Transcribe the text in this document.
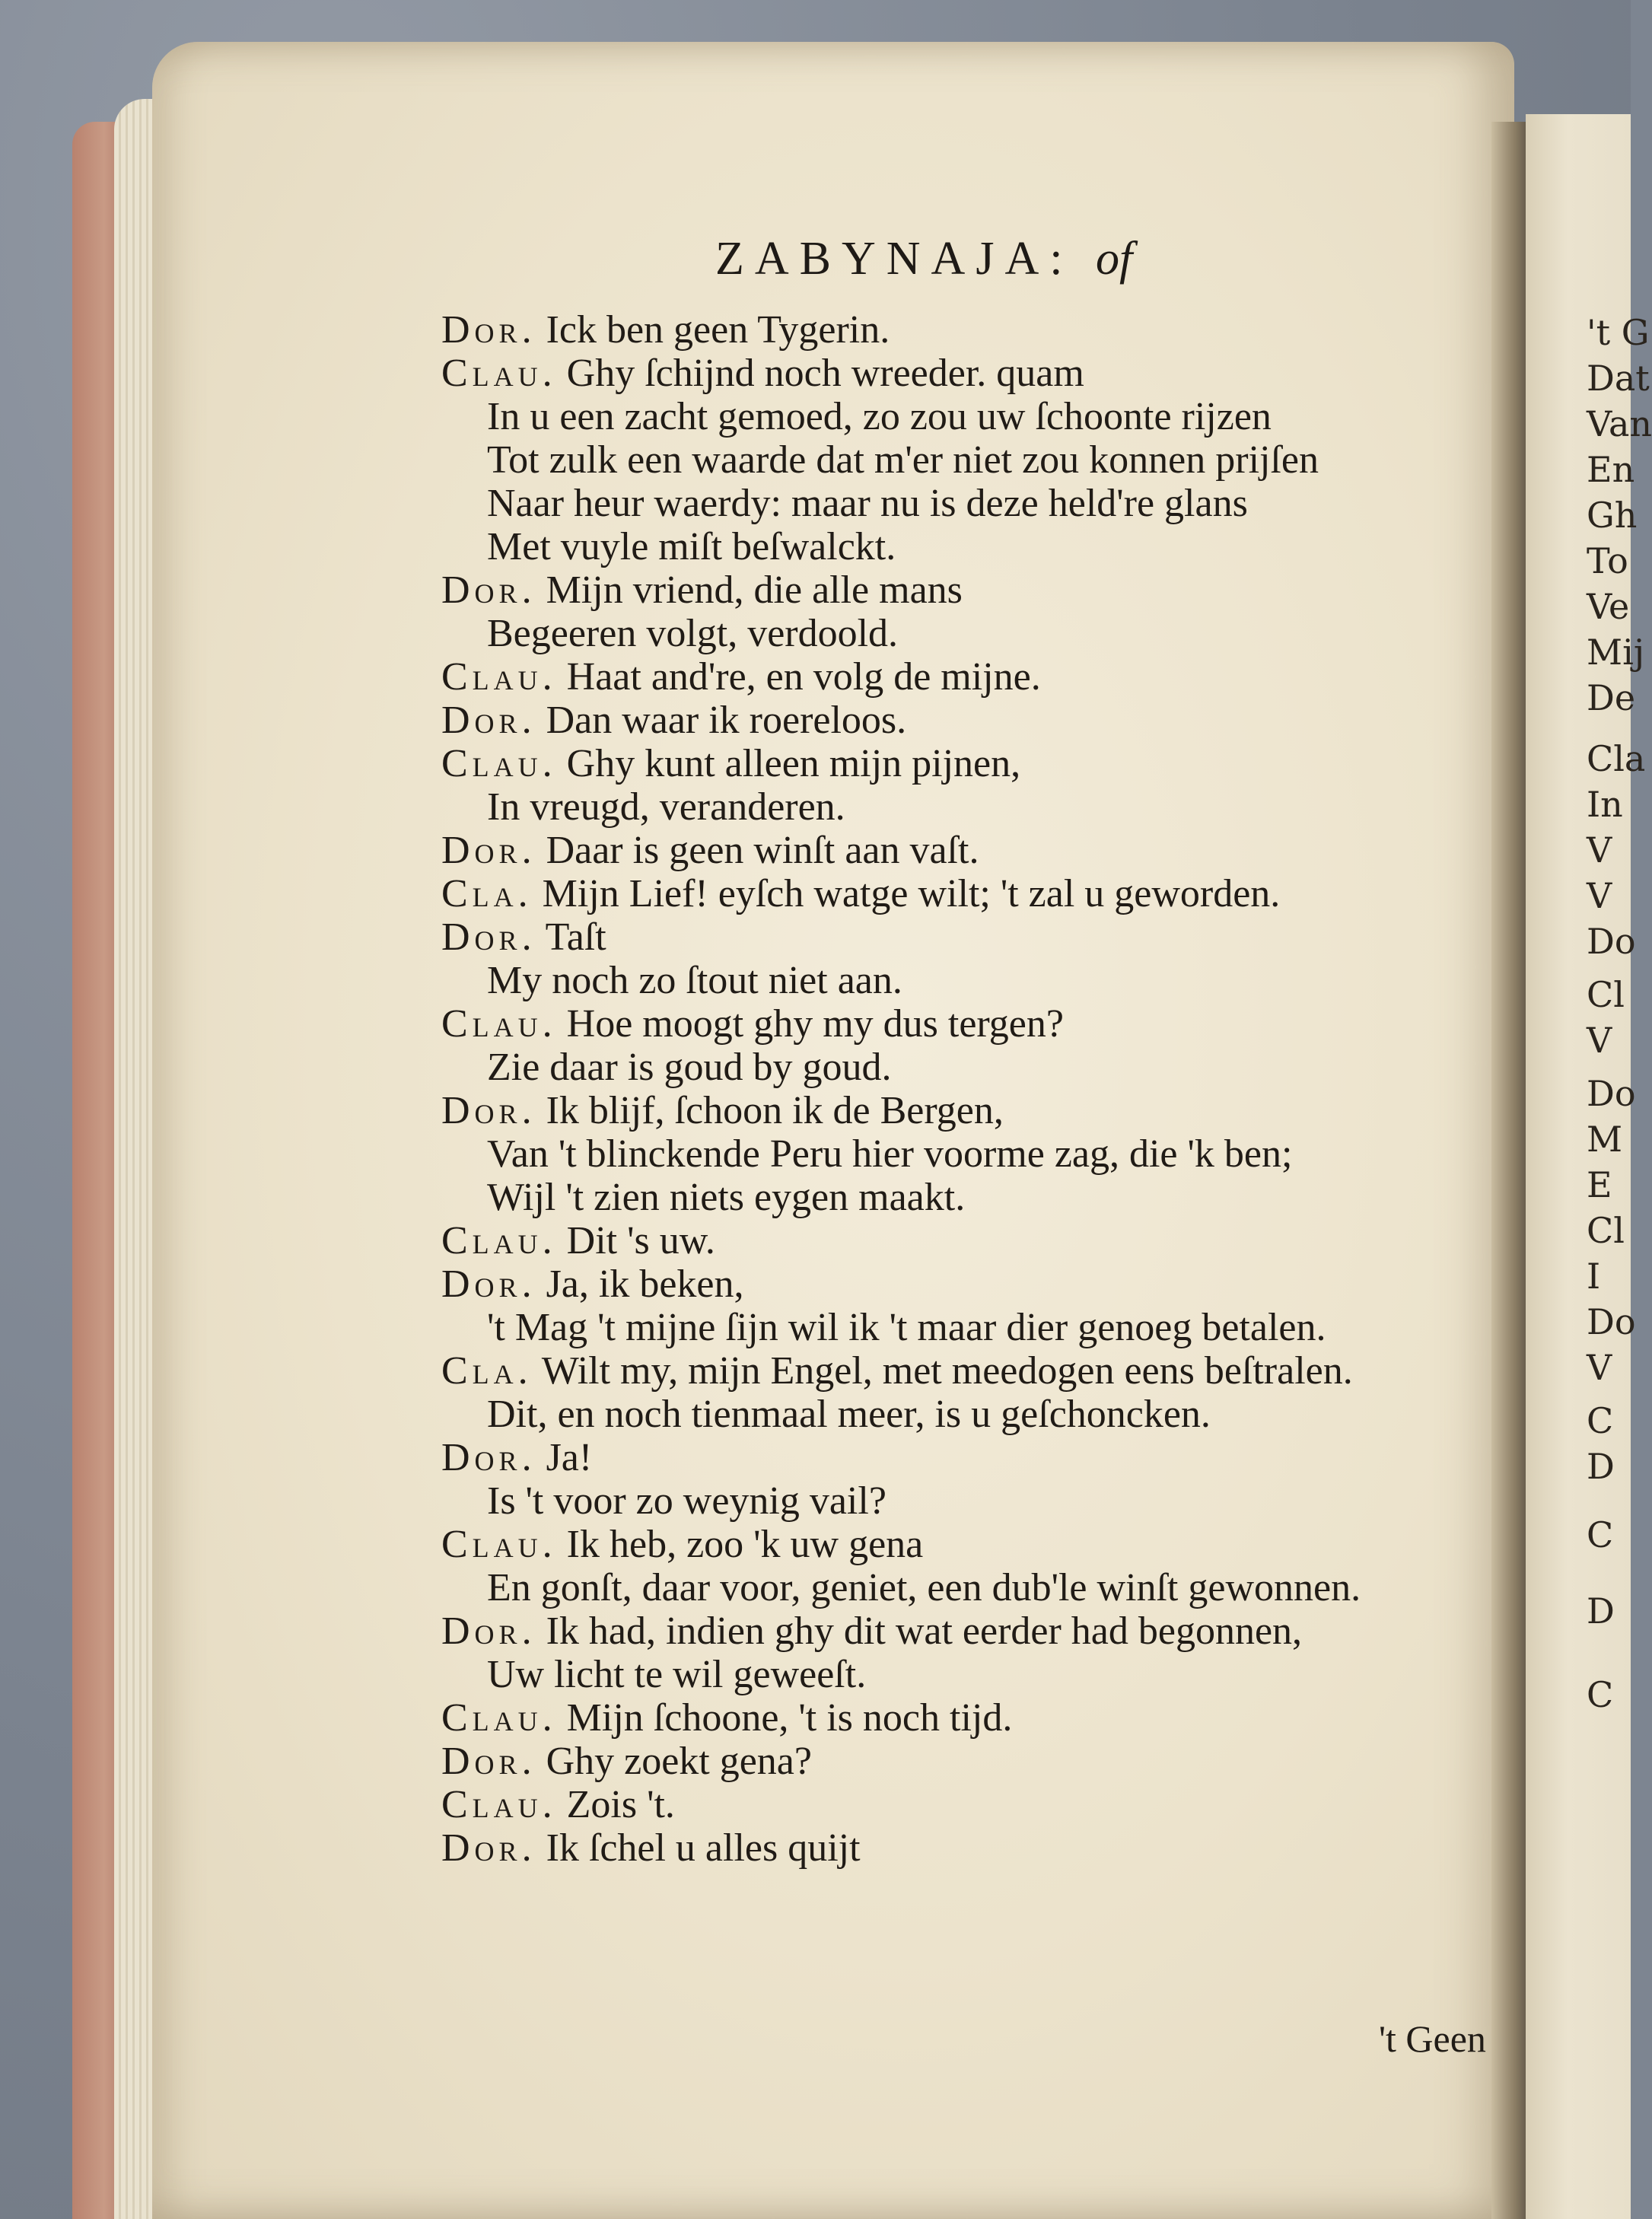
't G
Dat
Van
En
Gh
To
Ve
Mij
De
Cla
In
V
V
Do
Cl
V
Do
M
E
Cl
I
Do
V
C
D
C
D
C
ZABYNAJA: of
Dor. Ick ben geen Tygerin.
Clau. Ghy ſchijnd noch wreeder. quam
In u een zacht gemoed, zo zou uw ſchoonte rijzen
Tot zulk een waarde dat m'er niet zou konnen prijſen
Naar heur waerdy: maar nu is deze held're glans
Met vuyle miſt beſwalckt.
Dor. Mijn vriend, die alle mans
Begeeren volgt, verdoold.
Clau. Haat and're, en volg de mijne.
Dor. Dan waar ik roereloos.
Clau. Ghy kunt alleen mijn pijnen,
In vreugd, veranderen.
Dor. Daar is geen winſt aan vaſt.
Cla. Mijn Lief! eyſch watge wilt; 't zal u geworden.
Dor. Taſt
My noch zo ſtout niet aan.
Clau. Hoe moogt ghy my dus tergen?
Zie daar is goud by goud.
Dor. Ik blijf, ſchoon ik de Bergen,
Van 't blinckende Peru hier voorme zag, die 'k ben;
Wijl 't zien niets eygen maakt.
Clau. Dit 's uw.
Dor. Ja, ik beken,
't Mag 't mijne ſijn wil ik 't maar dier genoeg betalen.
Cla. Wilt my, mijn Engel, met meedogen eens beſtralen.
Dit, en noch tienmaal meer, is u geſchoncken.
Dor. Ja!
Is 't voor zo weynig vail?
Clau. Ik heb, zoo 'k uw gena
En gonſt, daar voor, geniet, een dub'le winſt gewonnen.
Dor. Ik had, indien ghy dit wat eerder had begonnen,
Uw licht te wil geweeſt.
Clau. Mijn ſchoone, 't is noch tijd.
Dor. Ghy zoekt gena?
Clau. Zois 't.
Dor. Ik ſchel u alles quijt
't Geen
